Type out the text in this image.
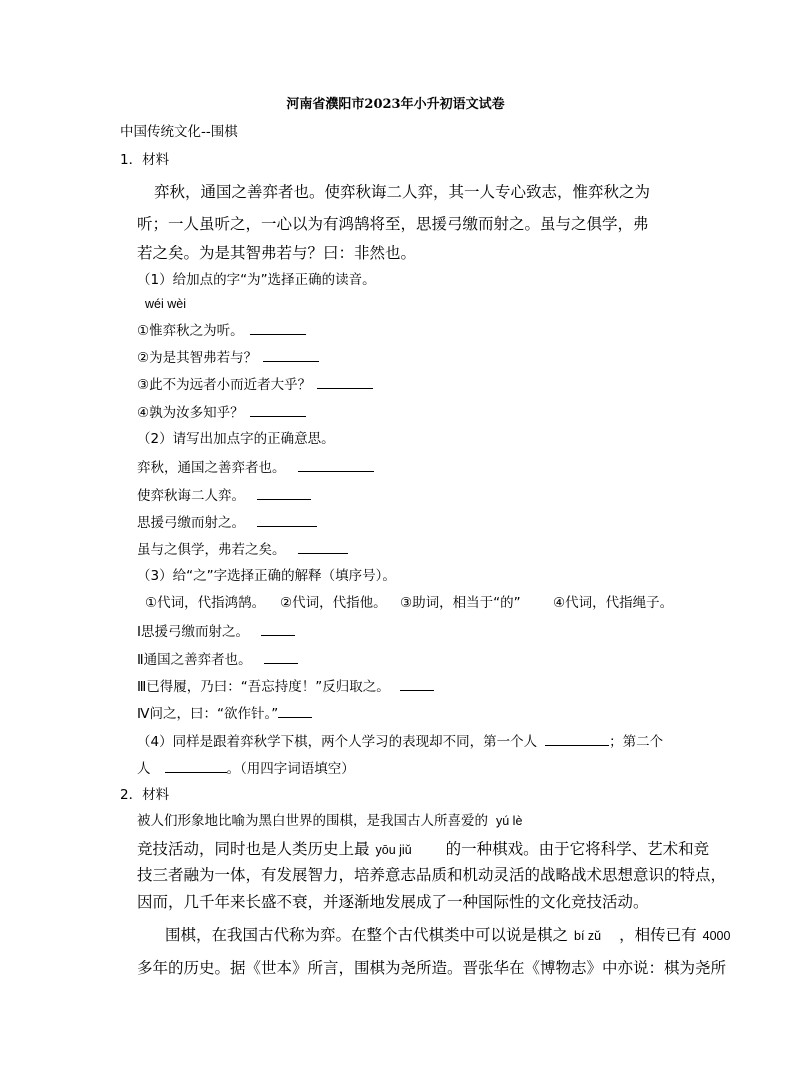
河南省濮阳市2023年小升初语文试卷
中国传统文化--围棋
1．材料
弈秋，通国之善弈者也。使弈秋诲二人弈，其一人专心致志，惟弈秋之为
听；一人虽听之，一心以为有鸿鹄将至，思援弓缴而射之。虽与之俱学，弗
若之矣。为是其智弗若与？曰：非然也。
（1）给加点的字“为”选择正确的读音。
wéi wèi
①惟弈秋之为听。
②为是其智弗若与？
③此不为远者小而近者大乎？
④孰为汝多知乎？
（2）请写出加点字的正确意思。
弈秋，通国之善弈者也。
使弈秋诲二人弈。
思援弓缴而射之。
虽与之俱学，弗若之矣。
（3）给“之”字选择正确的解释（填序号）。
①代词，代指鸿鹄。 ②代词，代指他。 ③助词，相当于“的” ④代词，代指绳子。
Ⅰ思援弓缴而射之。
Ⅱ通国之善弈者也。
Ⅲ已得履，乃曰：“吾忘持度！”反归取之。
Ⅳ问之，曰：“欲作针。”
（4）同样是跟着弈秋学下棋，两个人学习的表现却不同，第一个人	；第二个
人	。（用四字词语填空）
2．材料
被人们形象地比喻为黑白世界的围棋，是我国古人所喜爱的 yú lè
竞技活动，同时也是人类历史上最 yōu jiǔ 的一种棋戏。由于它将科学、艺术和竞
技三者融为一体，有发展智力，培养意志品质和机动灵活的战略战术思想意识的特点，
因而，几千年来长盛不衰，并逐渐地发展成了一种国际性的文化竞技活动。
围棋，在我国古代称为弈。在整个古代棋类中可以说是棋之 bí zǔ ，相传已有 4000
多年的历史。据《世本》所言，围棋为尧所造。晋张华在《博物志》中亦说：棋为尧所
